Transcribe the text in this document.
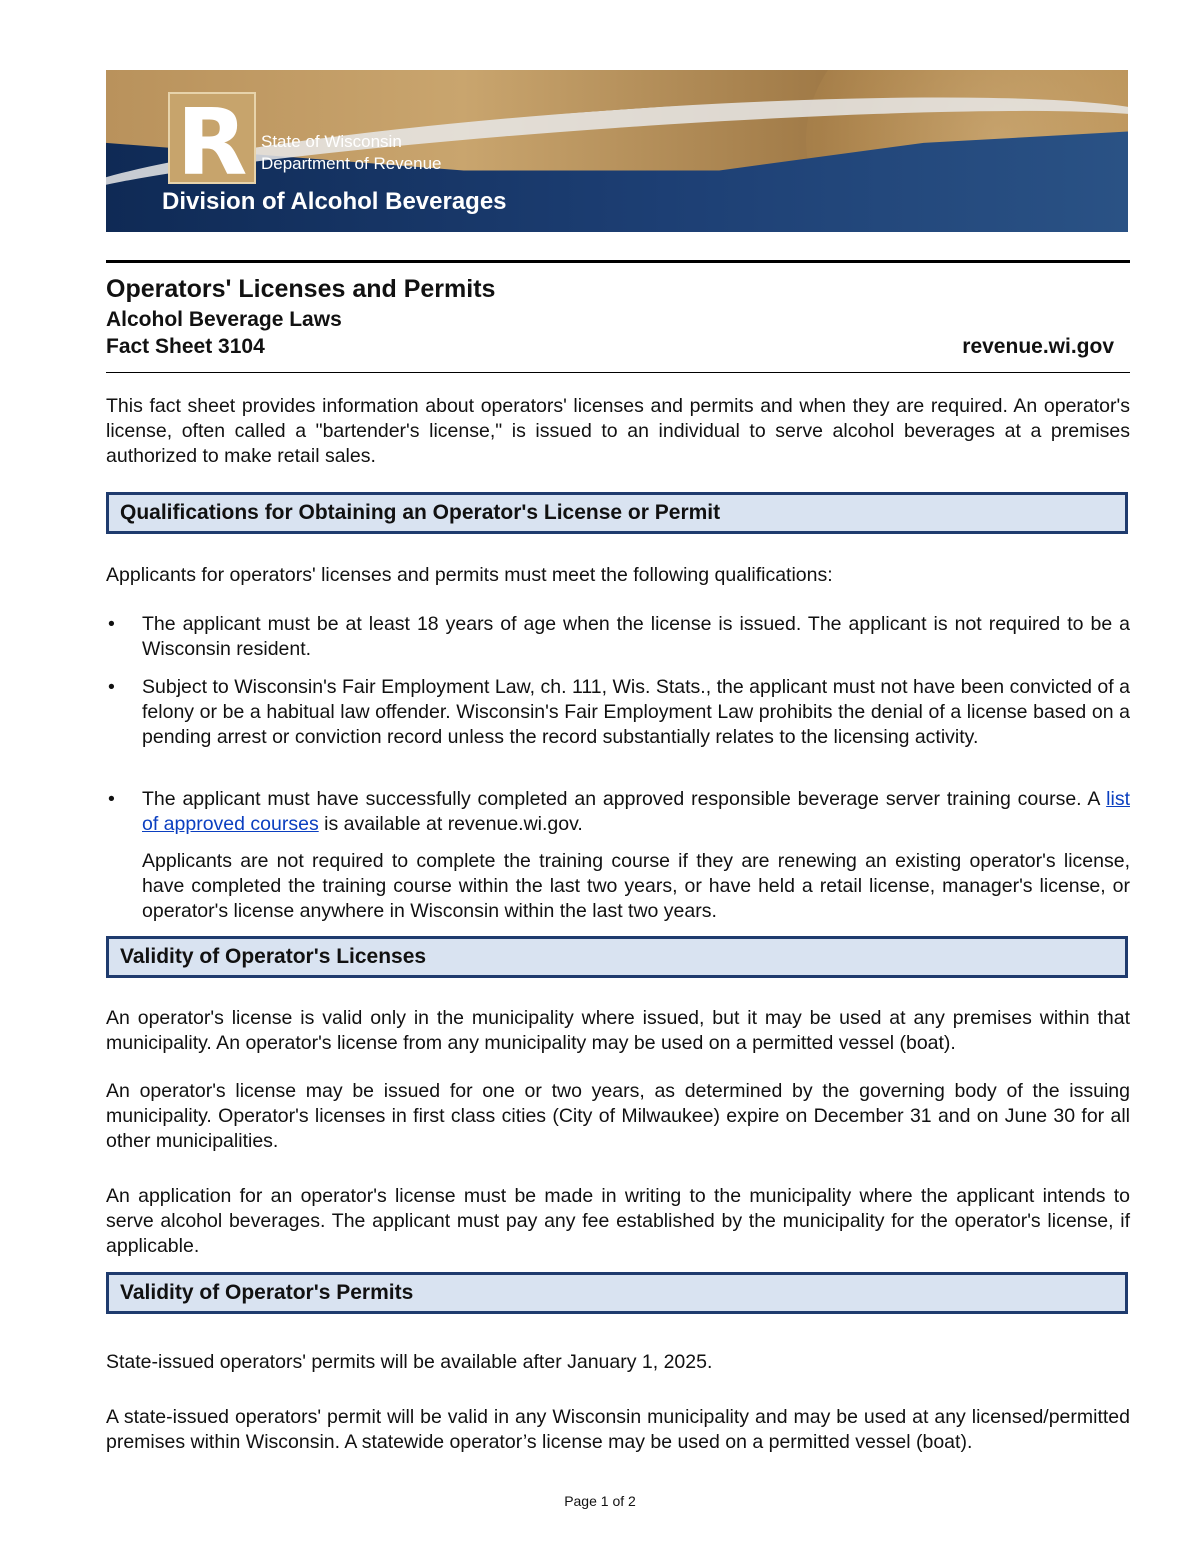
R State of Wisconsin
Department of Revenue
Division of Alcohol Beverages
Operators' Licenses and Permits
Alcohol Beverage Laws
Fact Sheet 3104	revenue.wi.gov

This fact sheet provides information about operators' licenses and permits and when they are required. An operator's license, often called a "bartender's license," is issued to an individual to serve alcohol beverages at a premises authorized to make retail sales.

Qualifications for Obtaining an Operator's License or Permit

Applicants for operators' licenses and permits must meet the following qualifications:

• The applicant must be at least 18 years of age when the license is issued. The applicant is not required to be a Wisconsin resident.
• Subject to Wisconsin's Fair Employment Law, ch. 111, Wis. Stats., the applicant must not have been convicted of a felony or be a habitual law offender. Wisconsin's Fair Employment Law prohibits the denial of a license based on a pending arrest or conviction record unless the record substantially relates to the licensing activity.
• The applicant must have successfully completed an approved responsible beverage server training course. A list of approved courses is available at revenue.wi.gov.
Applicants are not required to complete the training course if they are renewing an existing operator's license, have completed the training course within the last two years, or have held a retail license, manager's license, or operator's license anywhere in Wisconsin within the last two years.
Validity of Operator's Licenses

An operator's license is valid only in the municipality where issued, but it may be used at any premises within that municipality. An operator's license from any municipality may be used on a permitted vessel (boat).

An operator's license may be issued for one or two years, as determined by the governing body of the issuing municipality. Operator's licenses in first class cities (City of Milwaukee) expire on December 31 and on June 30 for all other municipalities.

An application for an operator's license must be made in writing to the municipality where the applicant intends to serve alcohol beverages. The applicant must pay any fee established by the municipality for the operator's license, if applicable.

Validity of Operator's Permits

State-issued operators' permits will be available after January 1, 2025.

A state-issued operators' permit will be valid in any Wisconsin municipality and may be used at any licensed/permitted premises within Wisconsin. A statewide operator’s license may be used on a permitted vessel (boat).

Page 1 of 2
